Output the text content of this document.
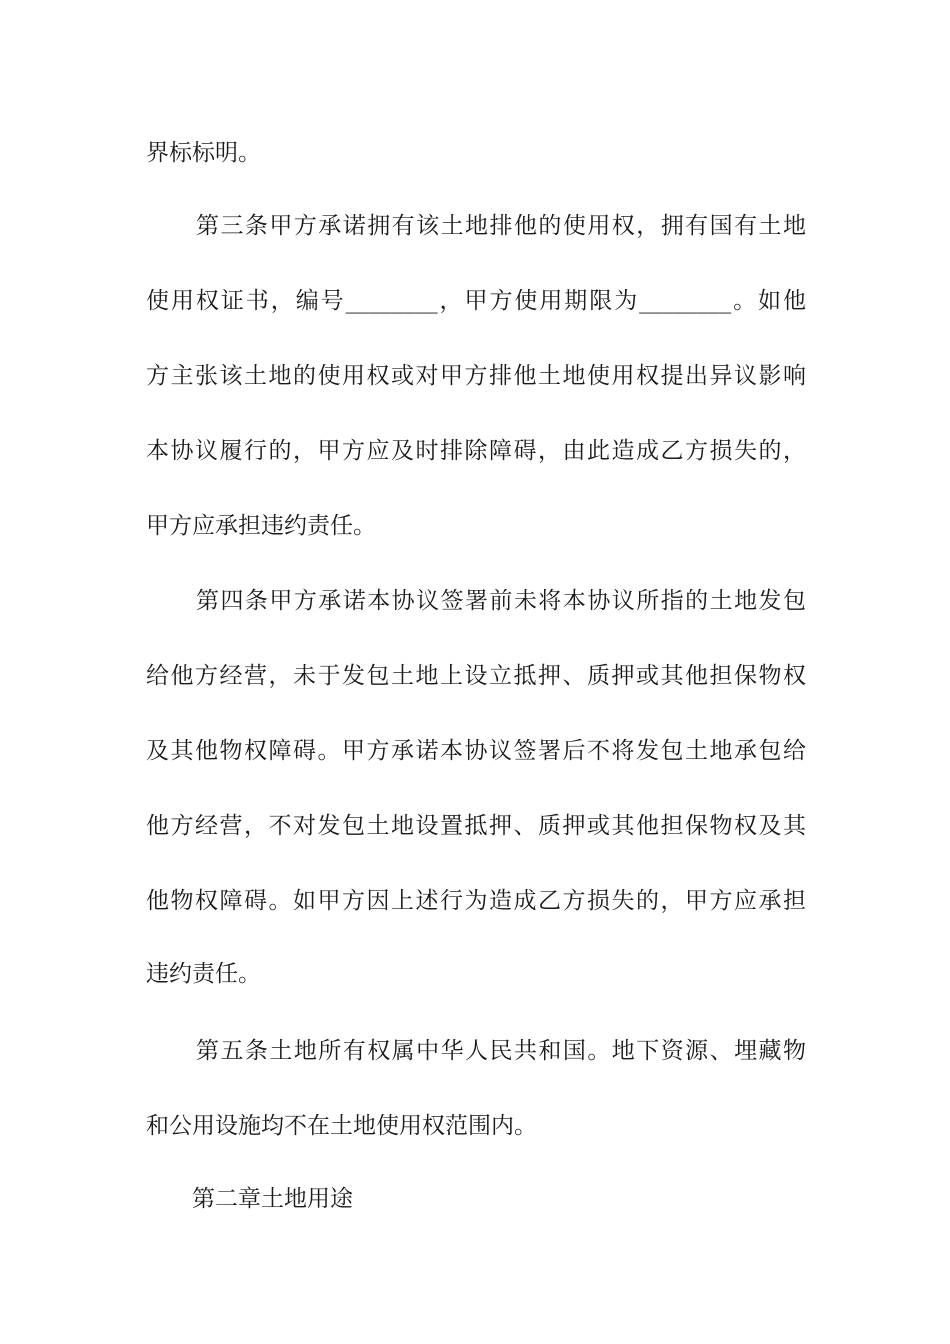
界标标明。
第三条甲方承诺拥有该土地排他的使用权，拥有国有土地
使用权证书，编号________，甲方使用期限为________。如他
方主张该土地的使用权或对甲方排他土地使用权提出异议影响
本协议履行的，甲方应及时排除障碍，由此造成乙方损失的，
甲方应承担违约责任。
第四条甲方承诺本协议签署前未将本协议所指的土地发包
给他方经营，未于发包土地上设立抵押、质押或其他担保物权
及其他物权障碍。甲方承诺本协议签署后不将发包土地承包给
他方经营，不对发包土地设置抵押、质押或其他担保物权及其
他物权障碍。如甲方因上述行为造成乙方损失的，甲方应承担
违约责任。
第五条土地所有权属中华人民共和国。地下资源、埋藏物
和公用设施均不在土地使用权范围内。
第二章土地用途
